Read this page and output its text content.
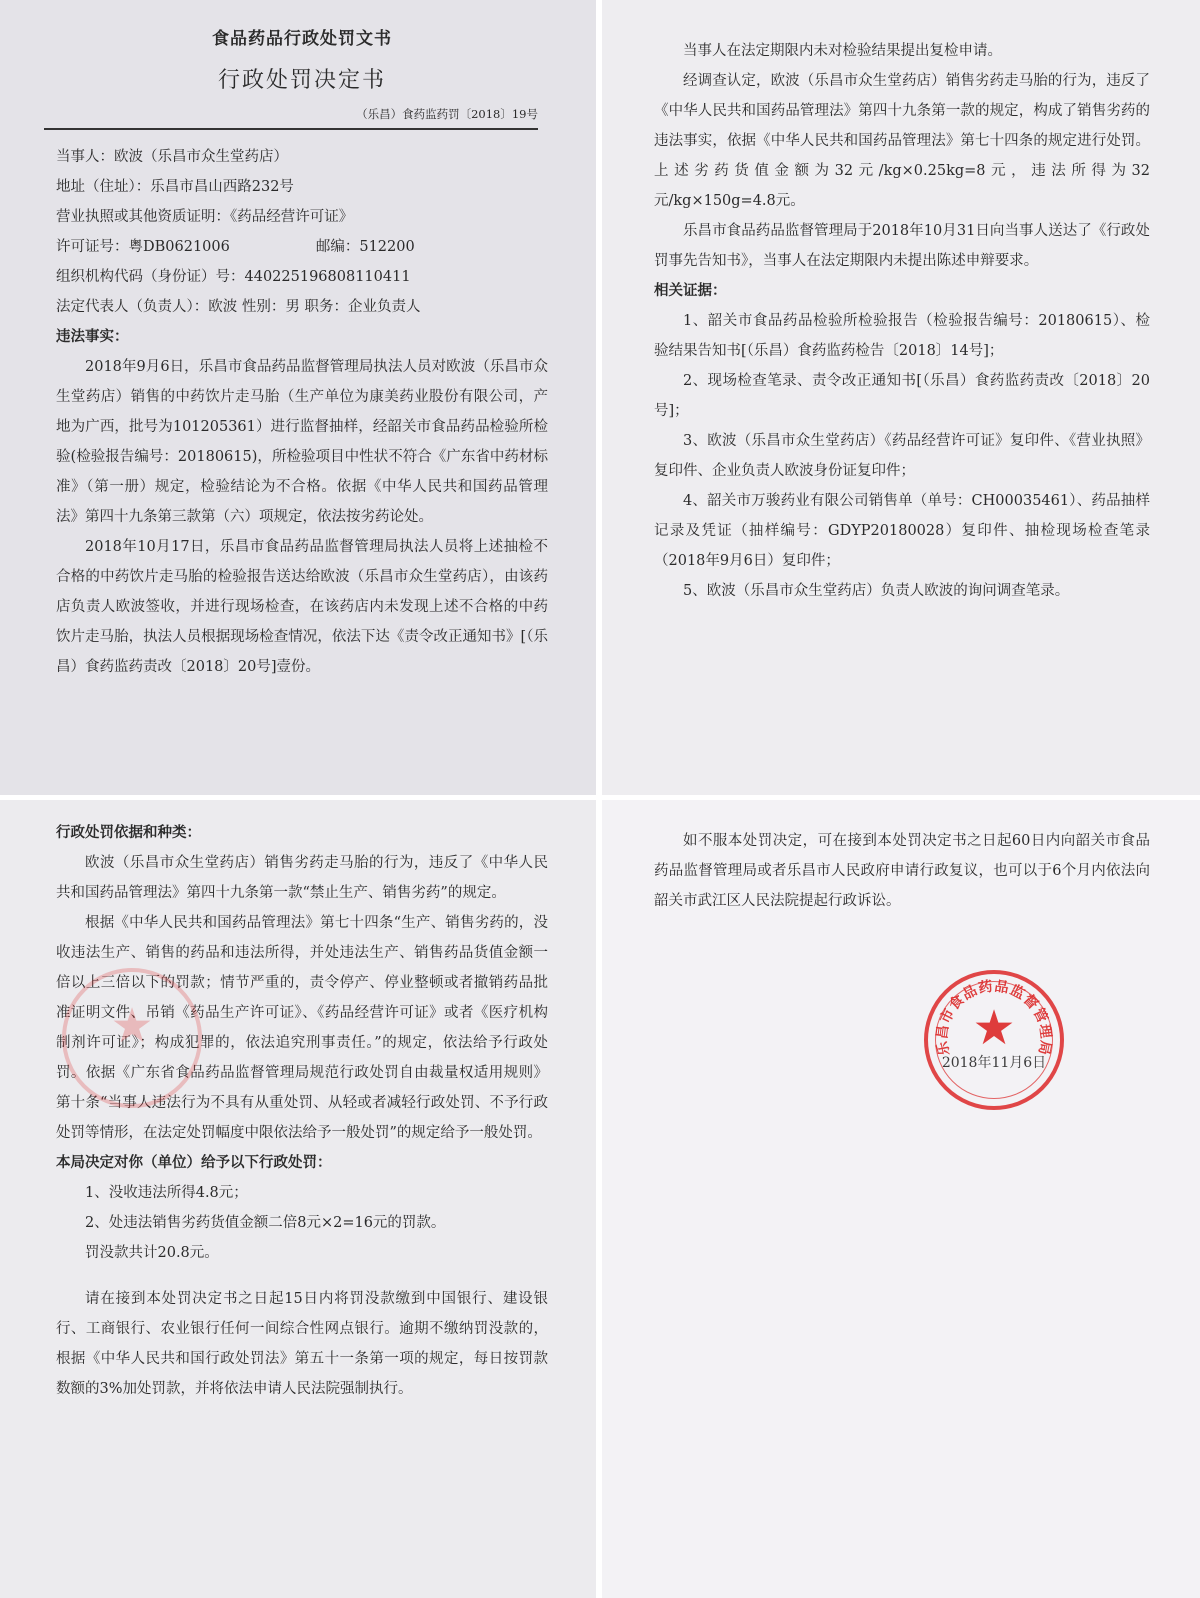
食品药品行政处罚文书
行政处罚决定书
（乐昌）食药监药罚〔2018〕19号
当事人：欧波（乐昌市众生堂药店）
地址（住址）：乐昌市昌山西路232号
营业执照或其他资质证明：《药品经营许可证》
许可证号：粤DB0621006	邮编：512200
组织机构代码（身份证）号：440225196808110411
法定代表人（负责人）：欧波 性别：男 职务：企业负责人
违法事实：
2018年9月6日，乐昌市食品药品监督管理局执法人员对欧波（乐昌市众生堂药店）销售的中药饮片走马胎（生产单位为康美药业股份有限公司，产地为广西，批号为101205361）进行监督抽样，经韶关市食品药品检验所检验(检验报告编号：20180615)，所检验项目中性状不符合《广东省中药材标准》（第一册）规定，检验结论为不合格。依据《中华人民共和国药品管理法》第四十九条第三款第（六）项规定，依法按劣药论处。
2018年10月17日，乐昌市食品药品监督管理局执法人员将上述抽检不合格的中药饮片走马胎的检验报告送达给欧波（乐昌市众生堂药店），由该药店负责人欧波签收，并进行现场检查，在该药店内未发现上述不合格的中药饮片走马胎，执法人员根据现场检查情况，依法下达《责令改正通知书》[（乐昌）食药监药责改〔2018〕20号]壹份。
当事人在法定期限内未对检验结果提出复检申请。
经调查认定，欧波（乐昌市众生堂药店）销售劣药走马胎的行为，违反了《中华人民共和国药品管理法》第四十九条第一款的规定，构成了销售劣药的违法事实，依据《中华人民共和国药品管理法》第七十四条的规定进行处罚。上述劣药货值金额为32元/kg×0.25kg=8元，违法所得为32元/kg×150g=4.8元。
乐昌市食品药品监督管理局于2018年10月31日向当事人送达了《行政处罚事先告知书》，当事人在法定期限内未提出陈述申辩要求。
相关证据：
1、韶关市食品药品检验所检验报告（检验报告编号：20180615）、检验结果告知书[（乐昌）食药监药检告〔2018〕14号]；
2、现场检查笔录、责令改正通知书[（乐昌）食药监药责改〔2018〕20号]；
3、欧波（乐昌市众生堂药店）《药品经营许可证》复印件、《营业执照》复印件、企业负责人欧波身份证复印件；
4、韶关市万骏药业有限公司销售单（单号：CH00035461）、药品抽样记录及凭证（抽样编号：GDYP20180028）复印件、抽检现场检查笔录（2018年9月6日）复印件；
5、欧波（乐昌市众生堂药店）负责人欧波的询问调查笔录。
行政处罚依据和种类：
欧波（乐昌市众生堂药店）销售劣药走马胎的行为，违反了《中华人民共和国药品管理法》第四十九条第一款“禁止生产、销售劣药”的规定。
根据《中华人民共和国药品管理法》第七十四条“生产、销售劣药的，没收违法生产、销售的药品和违法所得，并处违法生产、销售药品货值金额一倍以上三倍以下的罚款；情节严重的，责令停产、停业整顿或者撤销药品批准证明文件、吊销《药品生产许可证》、《药品经营许可证》或者《医疗机构制剂许可证》；构成犯罪的，依法追究刑事责任。”的规定，依法给予行政处罚。依据《广东省食品药品监督管理局规范行政处罚自由裁量权适用规则》第十条“当事人违法行为不具有从重处罚、从轻或者减轻行政处罚、不予行政处罚等情形，在法定处罚幅度中限依法给予一般处罚”的规定给予一般处罚。
本局决定对你（单位）给予以下行政处罚：
1、没收违法所得4.8元；
2、处违法销售劣药货值金额二倍8元×2=16元的罚款。
罚没款共计20.8元。
请在接到本处罚决定书之日起15日内将罚没款缴到中国银行、建设银行、工商银行、农业银行任何一间综合性网点银行。逾期不缴纳罚没款的，根据《中华人民共和国行政处罚法》第五十一条第一项的规定，每日按罚款数额的3%加处罚款，并将依法申请人民法院强制执行。
★
如不服本处罚决定，可在接到本处罚决定书之日起60日内向韶关市食品药品监督管理局或者乐昌市人民政府申请行政复议，也可以于6个月内依法向韶关市武江区人民法院提起行政诉讼。
乐昌市食品药品监督管理局
★
2018年11月6日
